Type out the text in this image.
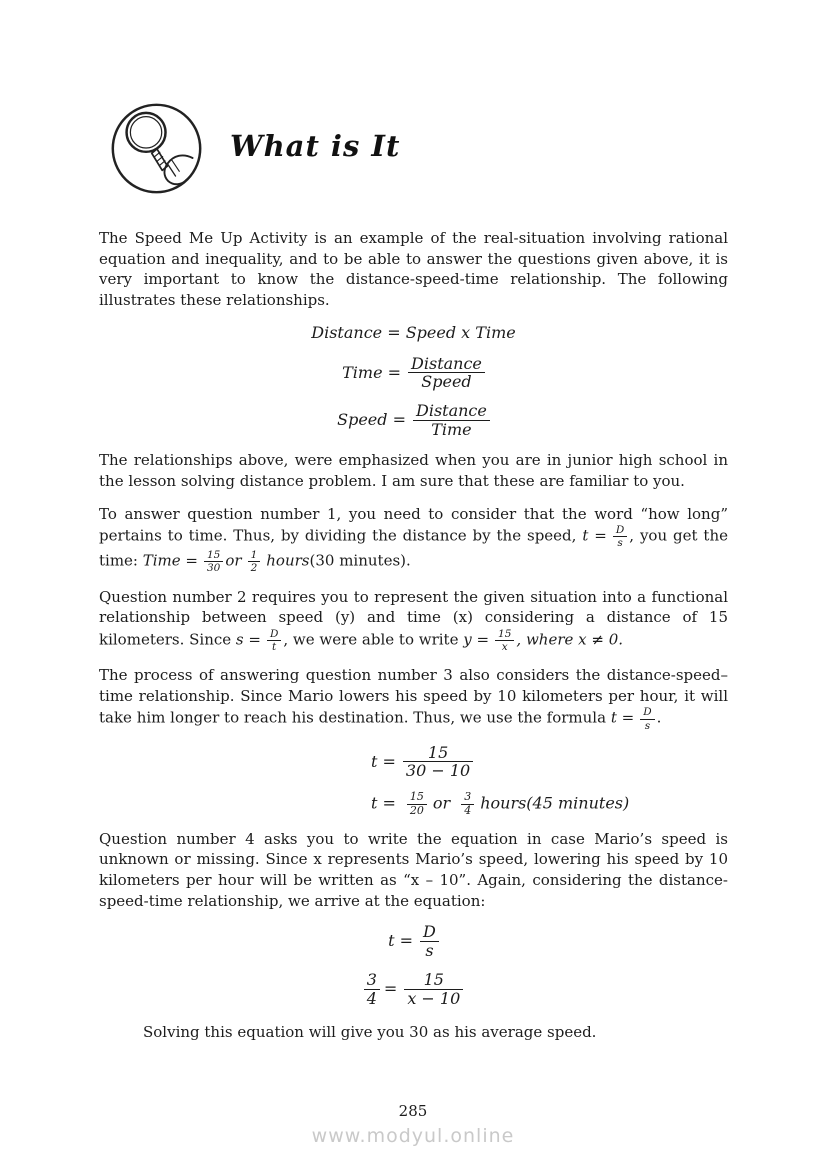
What is It

The Speed Me Up Activity is an example of the real-situation involving rational equation and inequality, and to be able to answer the questions given above, it is very important to know the distance-speed-time relationship. The following illustrates these relationships.

Distance = Speed x Time
Time = $\frac{\text{Distance}}{\text{Speed}}$
Speed = $\frac{\text{Distance}}{\text{Time}}$

The relationships above, were emphasized when you are in junior high school in the lesson solving distance problem. I am sure that these are familiar to you.

To answer question number 1, you need to consider that the word “how long” pertains to time. Thus, by dividing the distance by the speed, $t = \frac{D}{s}$ , you get the time: Time = $\frac{15}{30}$ or $\frac{1}{2}$ hours(30 minutes).

Question number 2 requires you to represent the given situation into a functional relationship between speed (y) and time (x) considering a distance of 15 kilometers. Since $s = \frac{D}{t}$ , we were able to write $y = \frac{15}{x}$ , where x ≠ 0.

The process of answering question number 3 also considers the distance-speed–time relationship. Since Mario lowers his speed by 10 kilometers per hour, it will take him longer to reach his destination. Thus, we use the formula $t = \frac{D}{s}$ .

$t = \frac{15}{30 - 10}$
$t = \frac{15}{20}$ or $\frac{3}{4}$ hours(45 minutes)

Question number 4 asks you to write the equation in case Mario’s speed is unknown or missing. Since x represents Mario’s speed, lowering his speed by 10 kilometers per hour will be written as “x – 10”. Again, considering the distance-speed-time relationship, we arrive at the equation:

$t = \frac{D}{s}$
$\frac{3}{4} = \frac{15}{x - 10}$

Solving this equation will give you 30 as his average speed.

285
www.modyul.online
